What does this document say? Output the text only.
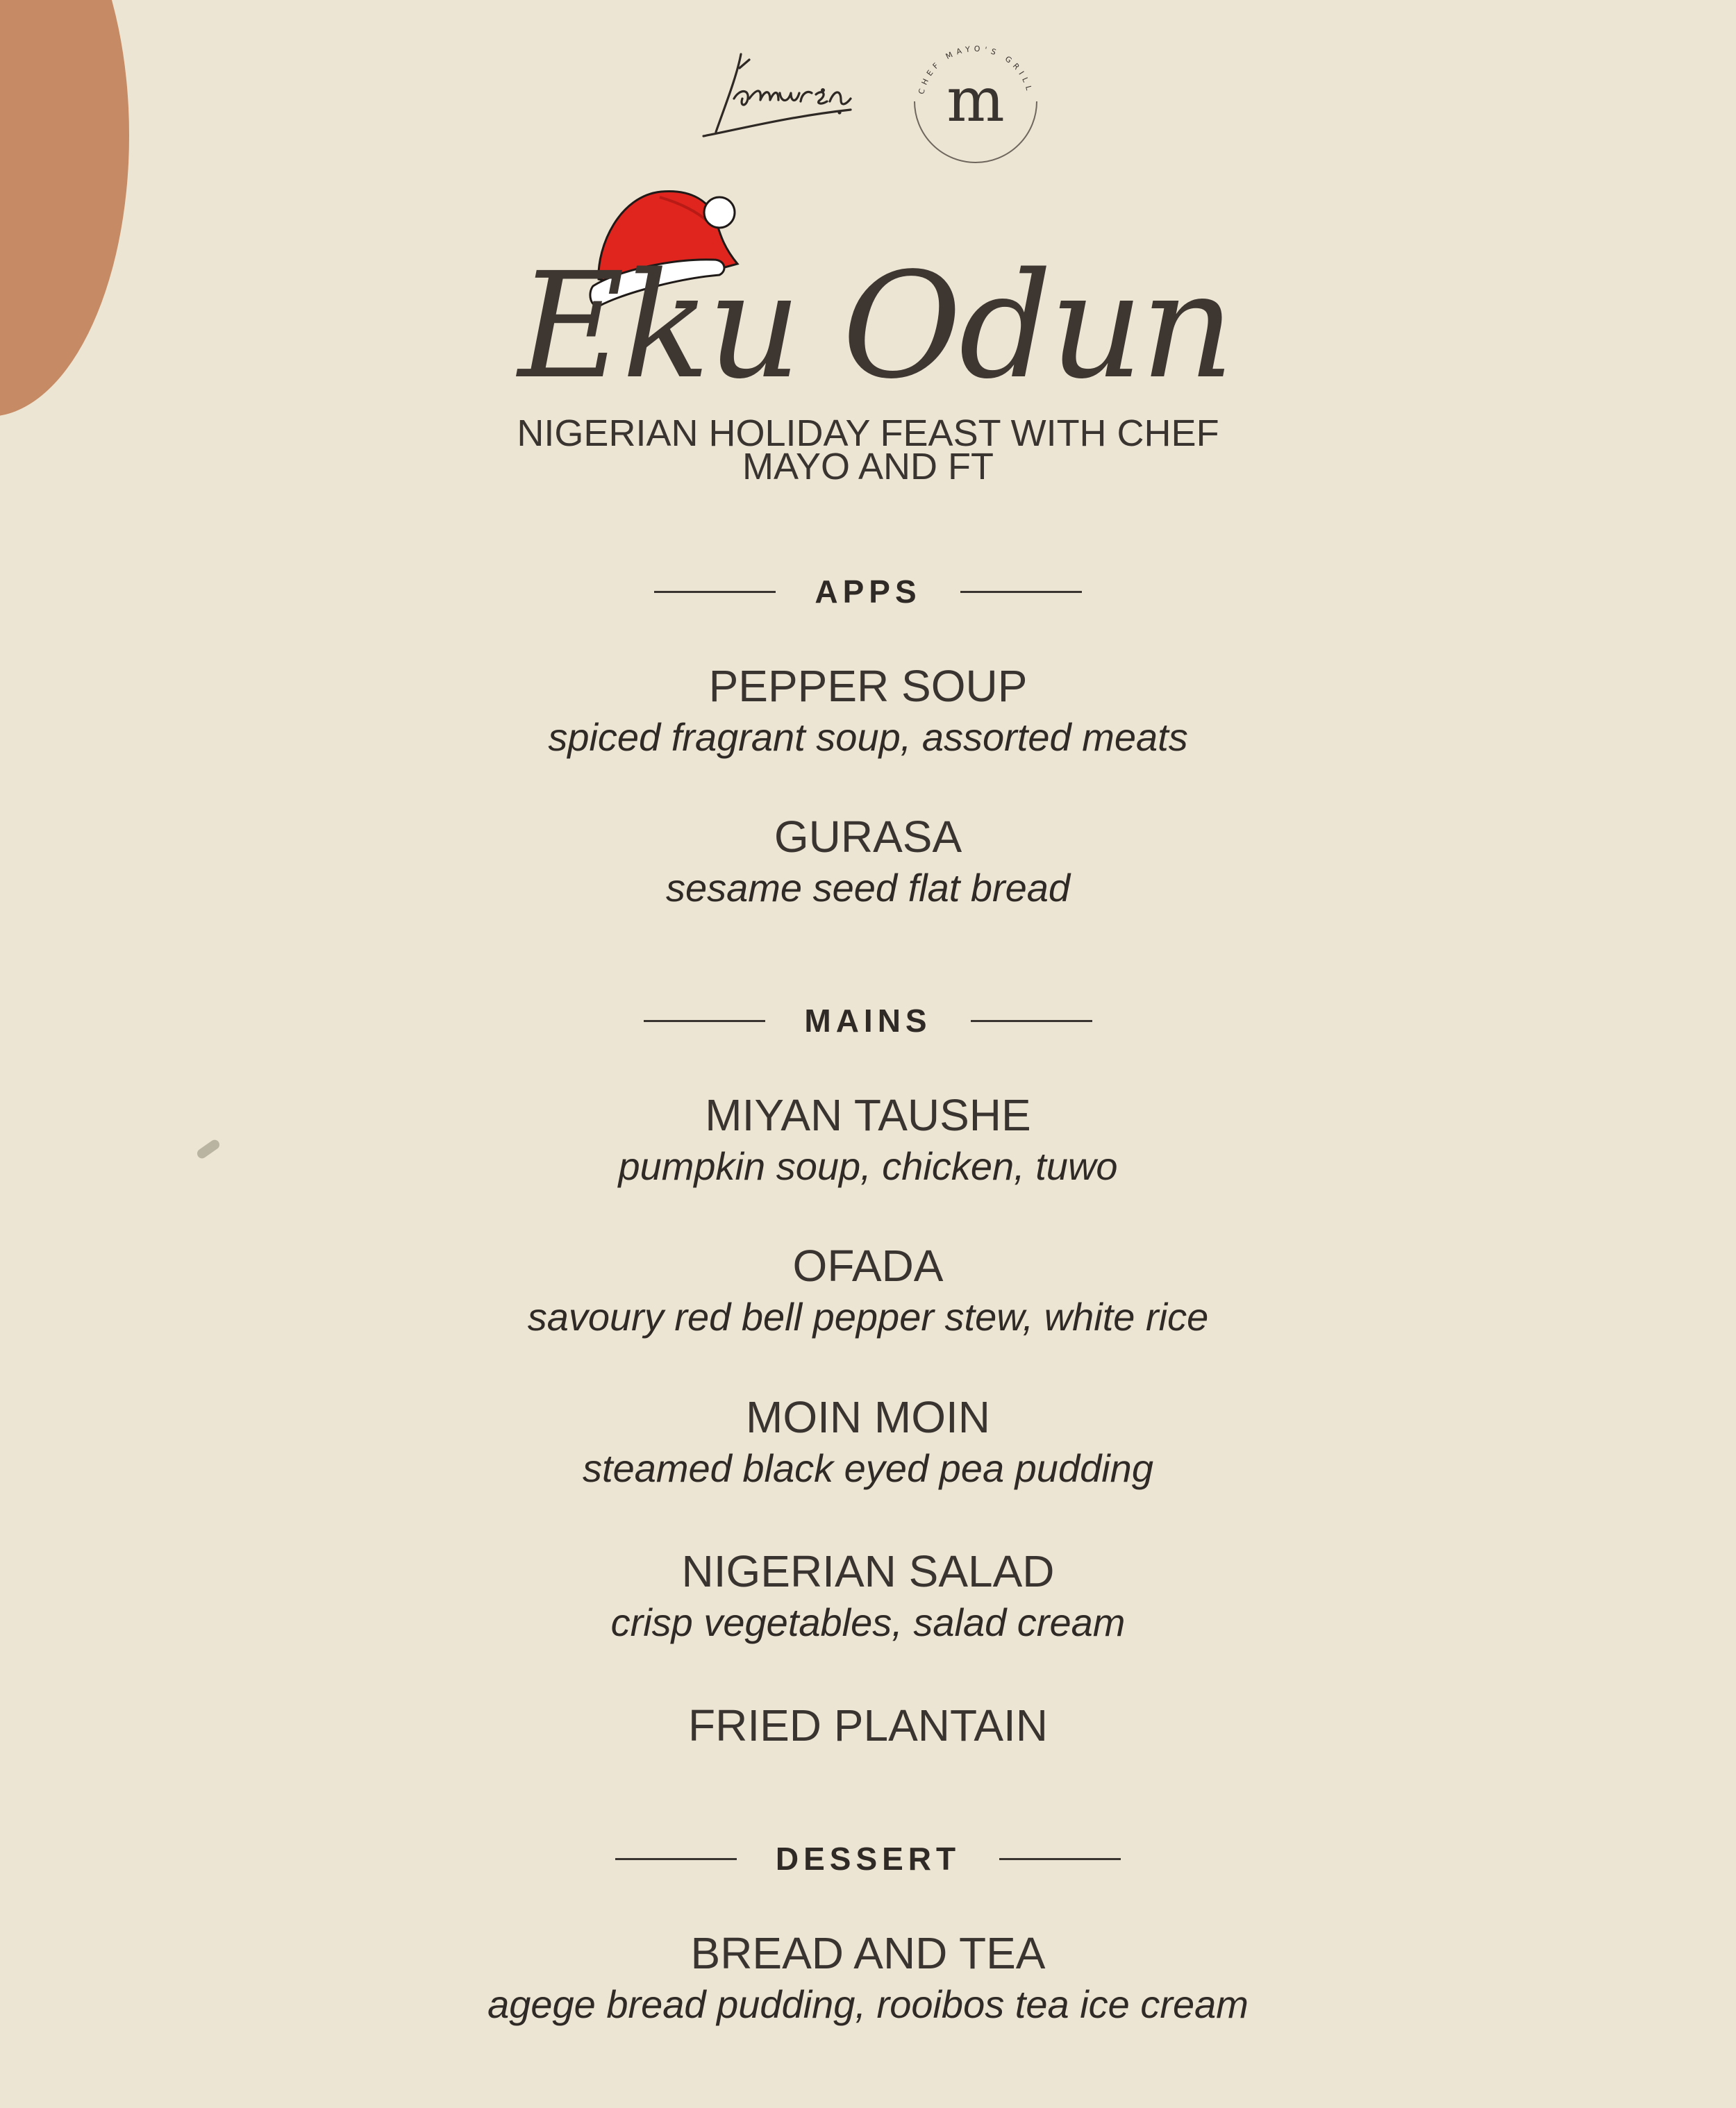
CHEF MAYO'S GRILL
m
Eku Odun
NIGERIAN HOLIDAY FEAST WITH CHEF
MAYO AND FT
APPS
PEPPER SOUP
spiced fragrant soup, assorted meats
GURASA
sesame seed flat bread
MAINS
MIYAN TAUSHE
pumpkin soup, chicken, tuwo
OFADA
savoury red bell pepper stew, white rice
MOIN MOIN
steamed black eyed pea pudding
NIGERIAN SALAD
crisp vegetables, salad cream
FRIED PLANTAIN
DESSERT
BREAD AND TEA
agege bread pudding, rooibos tea ice cream
